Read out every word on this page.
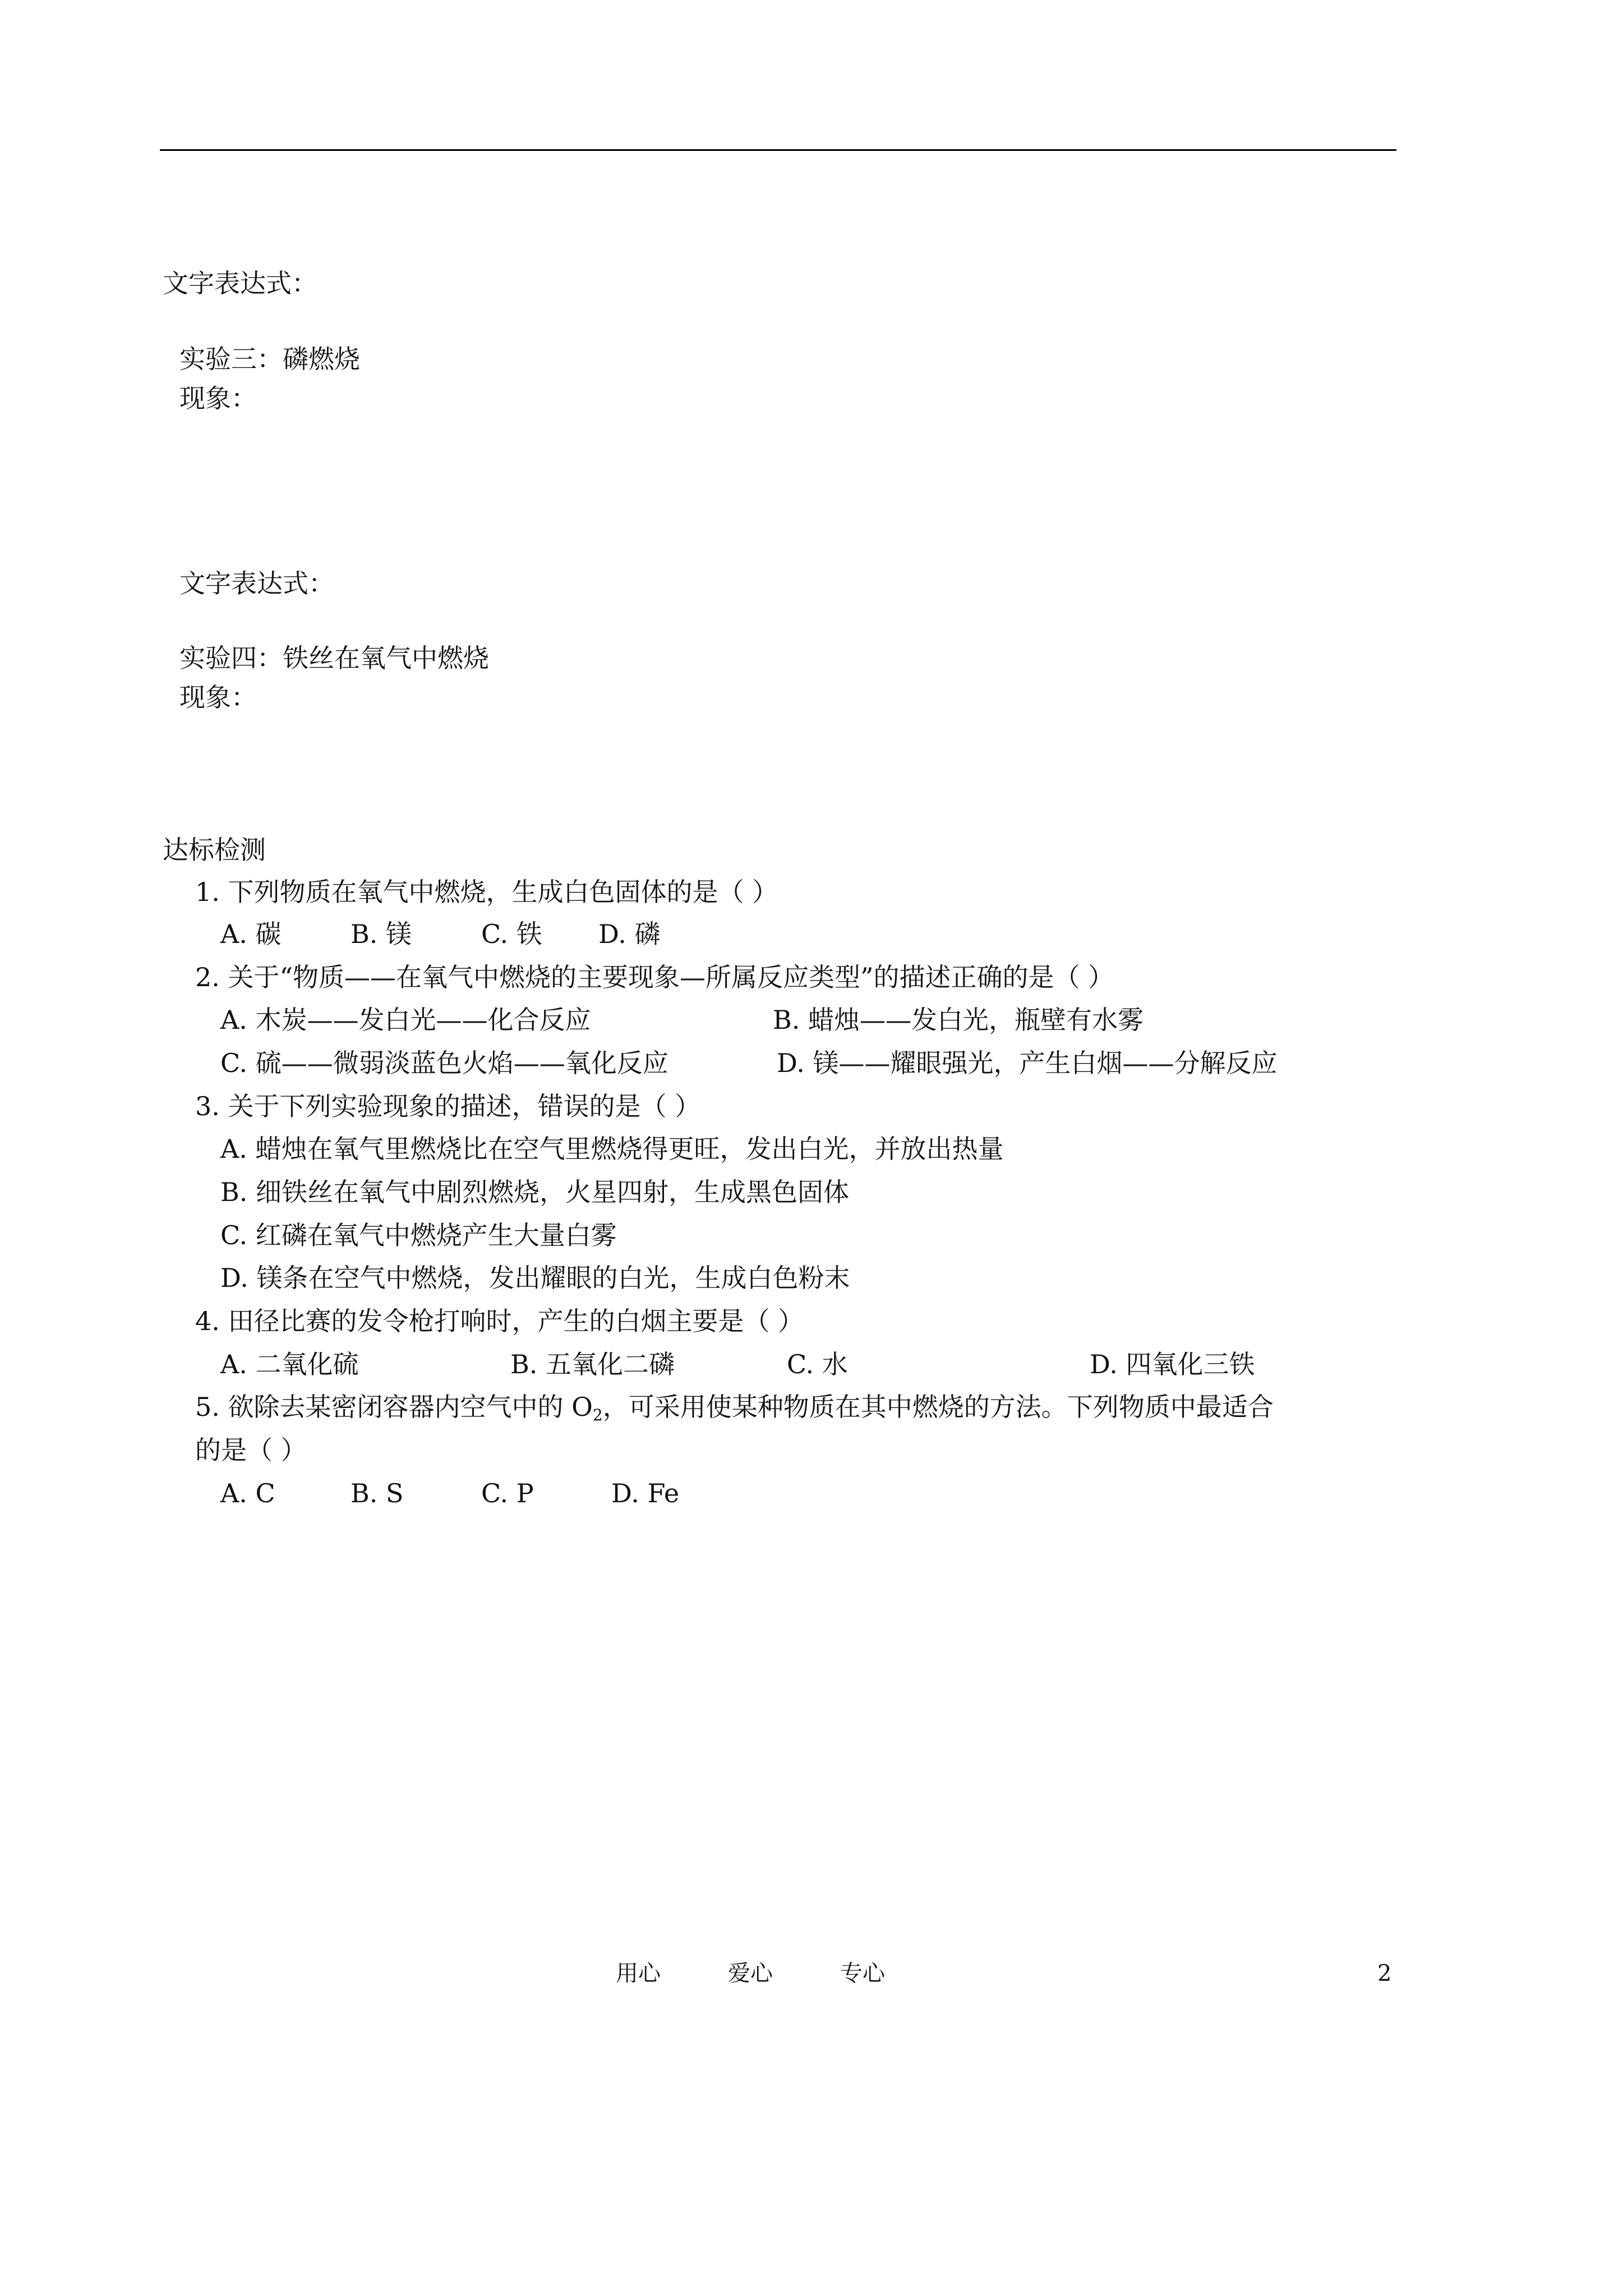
文字表达式：
实验三：磷燃烧
现象：
文字表达式：
实验四：铁丝在氧气中燃烧
现象：
达标检测
1. 下列物质在氧气中燃烧，生成白色固体的是（ ）
A. 碳	B. 镁	C. 铁 D. 磷
2. 关于“物质——在氧气中燃烧的主要现象—所属反应类型”的描述正确的是（ ）
A. 木炭——发白光——化合反应	B. 蜡烛——发白光，瓶壁有水雾
C. 硫——微弱淡蓝色火焰——氧化反应	D. 镁——耀眼强光，产生白烟——分解反应
3. 关于下列实验现象的描述，错误的是（ ）
A. 蜡烛在氧气里燃烧比在空气里燃烧得更旺，发出白光，并放出热量
B. 细铁丝在氧气中剧烈燃烧，火星四射，生成黑色固体
C. 红磷在氧气中燃烧产生大量白雾
D. 镁条在空气中燃烧，发出耀眼的白光，生成白色粉末
4. 田径比赛的发令枪打响时，产生的白烟主要是（ ）
A. 二氧化硫	B. 五氧化二磷	C. 水	D. 四氧化三铁
5. 欲除去某密闭容器内空气中的 $O_2$，可采用使某种物质在其中燃烧的方法。下列物质中最适合
的是（ ）
A. C	B. S	C. P	D. Fe
用心	爱心	专心	2
